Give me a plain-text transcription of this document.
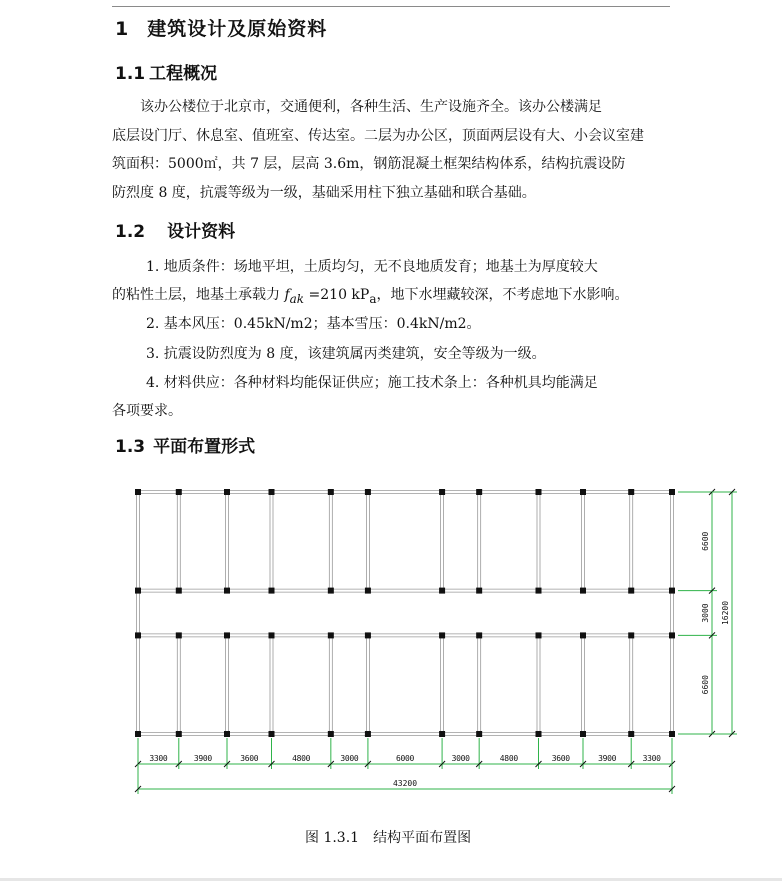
1 建筑设计及原始资料
1.1 工程概况
该办公楼位于北京市，交通便利，各种生活、生产设施齐全。该办公楼满足
底层设门厅、休息室、值班室、传达室。二层为办公区，顶面两层设有大、小会议室建
筑面积：5000㎡，共 7 层，层高 3.6m，钢筋混凝土框架结构体系，结构抗震设防
防烈度 8 度，抗震等级为一级，基础采用柱下独立基础和联合基础。
1.2 设计资料
1. 地质条件：场地平坦，土质均匀，无不良地质发育；地基土为厚度较大
的粘性土层，地基土承载力 $f_{ak} =210$ $kP_a$，地下水埋藏较深，不考虑地下水影响。
2. 基本风压：0.45kN/m2；基本雪压：0.4kN/m2。
3. 抗震设防烈度为 8 度，该建筑属丙类建筑，安全等级为一级。
4. 材料供应：各种材料均能保证供应；施工技术条上：各种机具均能满足
各项要求。
1.3 平面布置形式
3300	3900	3600	4800	3000	6000	3000	4800	3600	3900	3300
43200
6600
3000
6600
16200
图 1.3.1 结构平面布置图
